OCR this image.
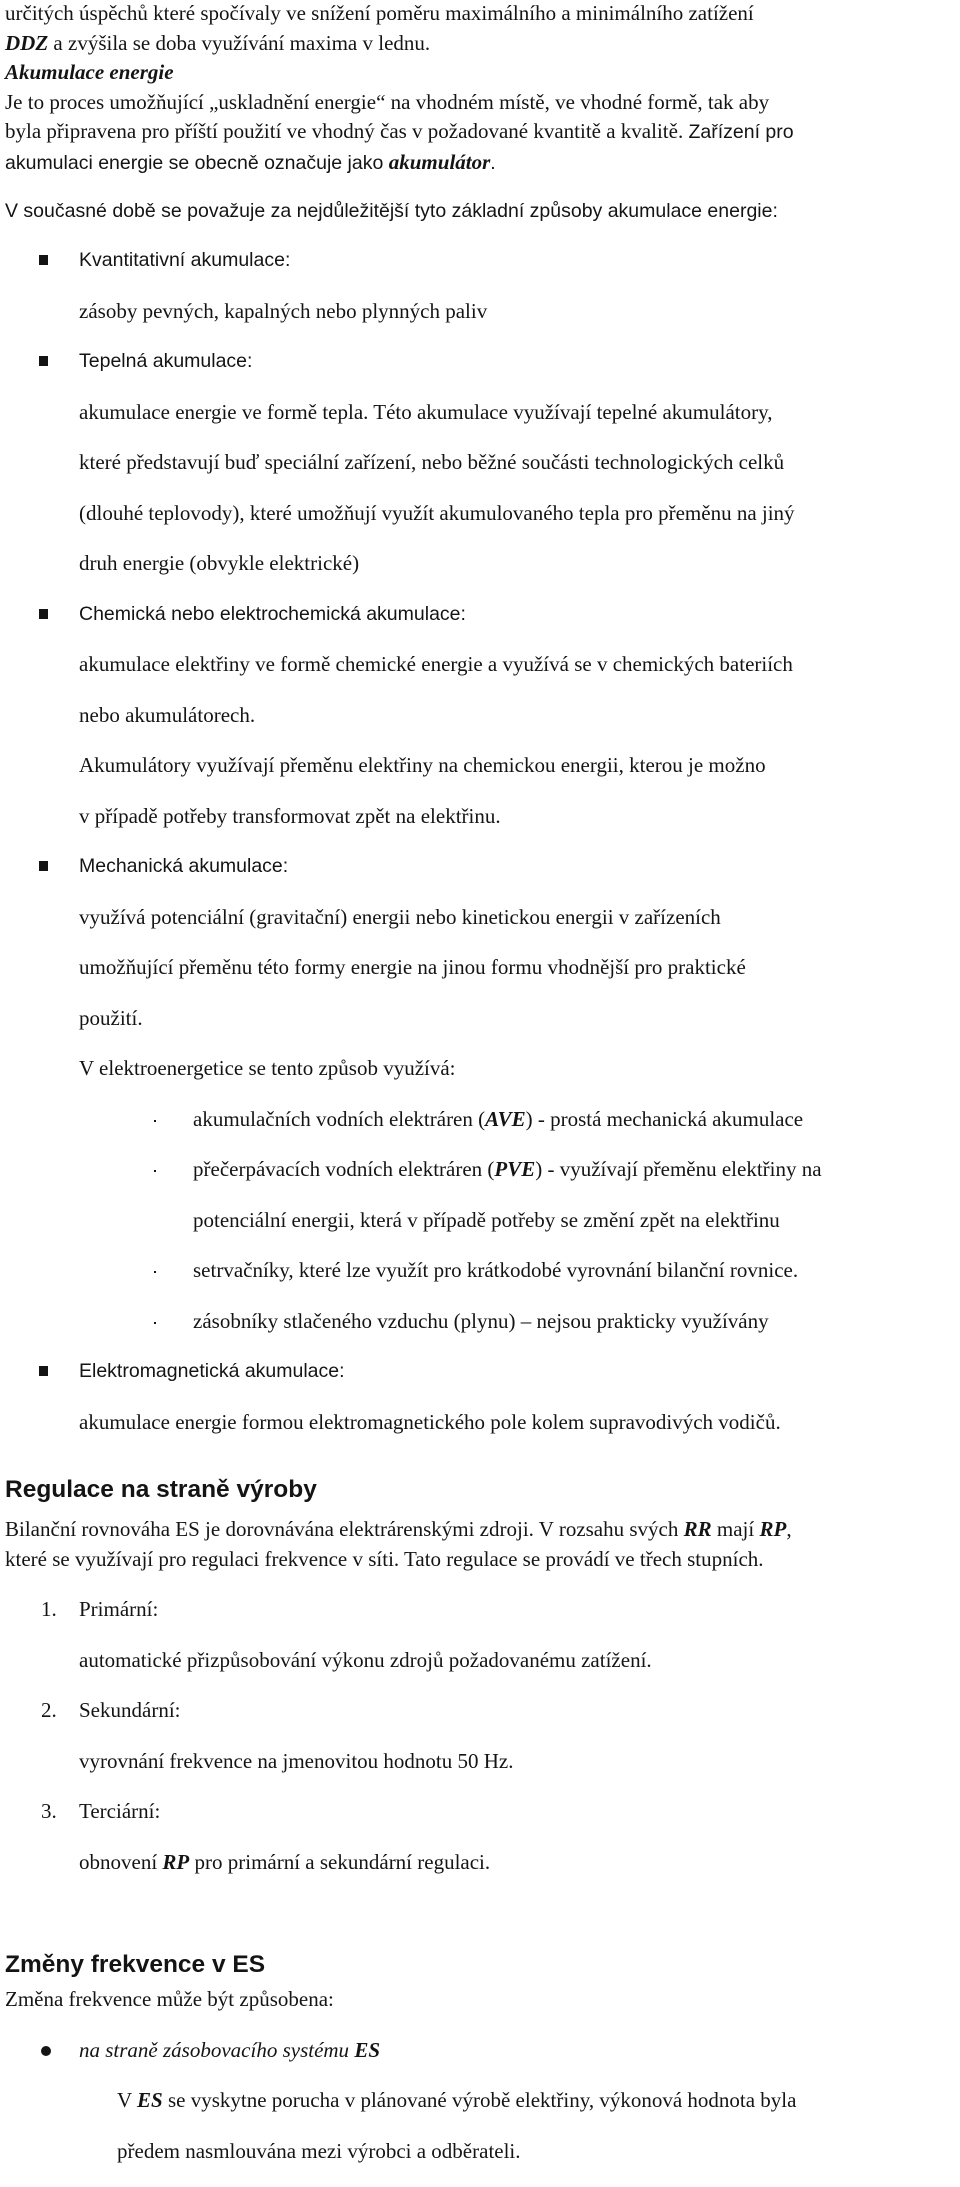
určitých úspěchů které spočívaly ve snížení poměru maximálního a minimálního zatížení

DDZ a zvýšila se doba využívání maxima v lednu.

Akumulace energie

Je to proces umožňující „uskladnění energie“ na vhodném místě, ve vhodné formě, tak aby

byla připravena pro příští použití ve vhodný čas v požadované kvantitě a kvalitě. Zařízení pro

akumulaci energie se obecně označuje jako akumulátor.

V současné době se považuje za nejdůležitější tyto základní způsoby akumulace energie:

Kvantitativní akumulace:

zásoby pevných, kapalných nebo plynných paliv

Tepelná akumulace:

akumulace energie ve formě tepla. Této akumulace využívají tepelné akumulátory,

které představují buď speciální zařízení, nebo běžné součásti technologických celků

(dlouhé teplovody), které umožňují využít akumulovaného tepla pro přeměnu na jiný

druh energie (obvykle elektrické)

Chemická nebo elektrochemická akumulace:

akumulace elektřiny ve formě chemické energie a využívá se v chemických bateriích

nebo akumulátorech.

Akumulátory využívají přeměnu elektřiny na chemickou energii, kterou je možno

v případě potřeby transformovat zpět na elektřinu.

Mechanická akumulace:

využívá potenciální (gravitační) energii nebo kinetickou energii v zařízeních

umožňující přeměnu této formy energie na jinou formu vhodnější pro praktické

použití.

V elektroenergetice se tento způsob využívá:

akumulačních vodních elektráren (AVE) - prostá mechanická akumulace

přečerpávacích vodních elektráren (PVE) - využívají přeměnu elektřiny na

potenciální energii, která v případě potřeby se změní zpět na elektřinu

setrvačníky, které lze využít pro krátkodobé vyrovnání bilanční rovnice.

zásobníky stlačeného vzduchu (plynu) – nejsou prakticky využívány

Elektromagnetická akumulace:

akumulace energie formou elektromagnetického pole kolem supravodivých vodičů.

Regulace na straně výroby

Bilanční rovnováha ES je dorovnávána elektrárenskými zdroji. V rozsahu svých RR mají RP,

které se využívají pro regulaci frekvence v síti. Tato regulace se provádí ve třech stupních.

1. Primární:

automatické přizpůsobování výkonu zdrojů požadovanému zatížení.

2. Sekundární:

vyrovnání frekvence na jmenovitou hodnotu 50 Hz.

3. Terciární:

obnovení RP pro primární a sekundární regulaci.

Změny frekvence v ES

Změna frekvence může být způsobena:

na straně zásobovacího systému ES

V ES se vyskytne porucha v plánované výrobě elektřiny, výkonová hodnota byla

předem nasmlouvána mezi výrobci a odběrateli.
